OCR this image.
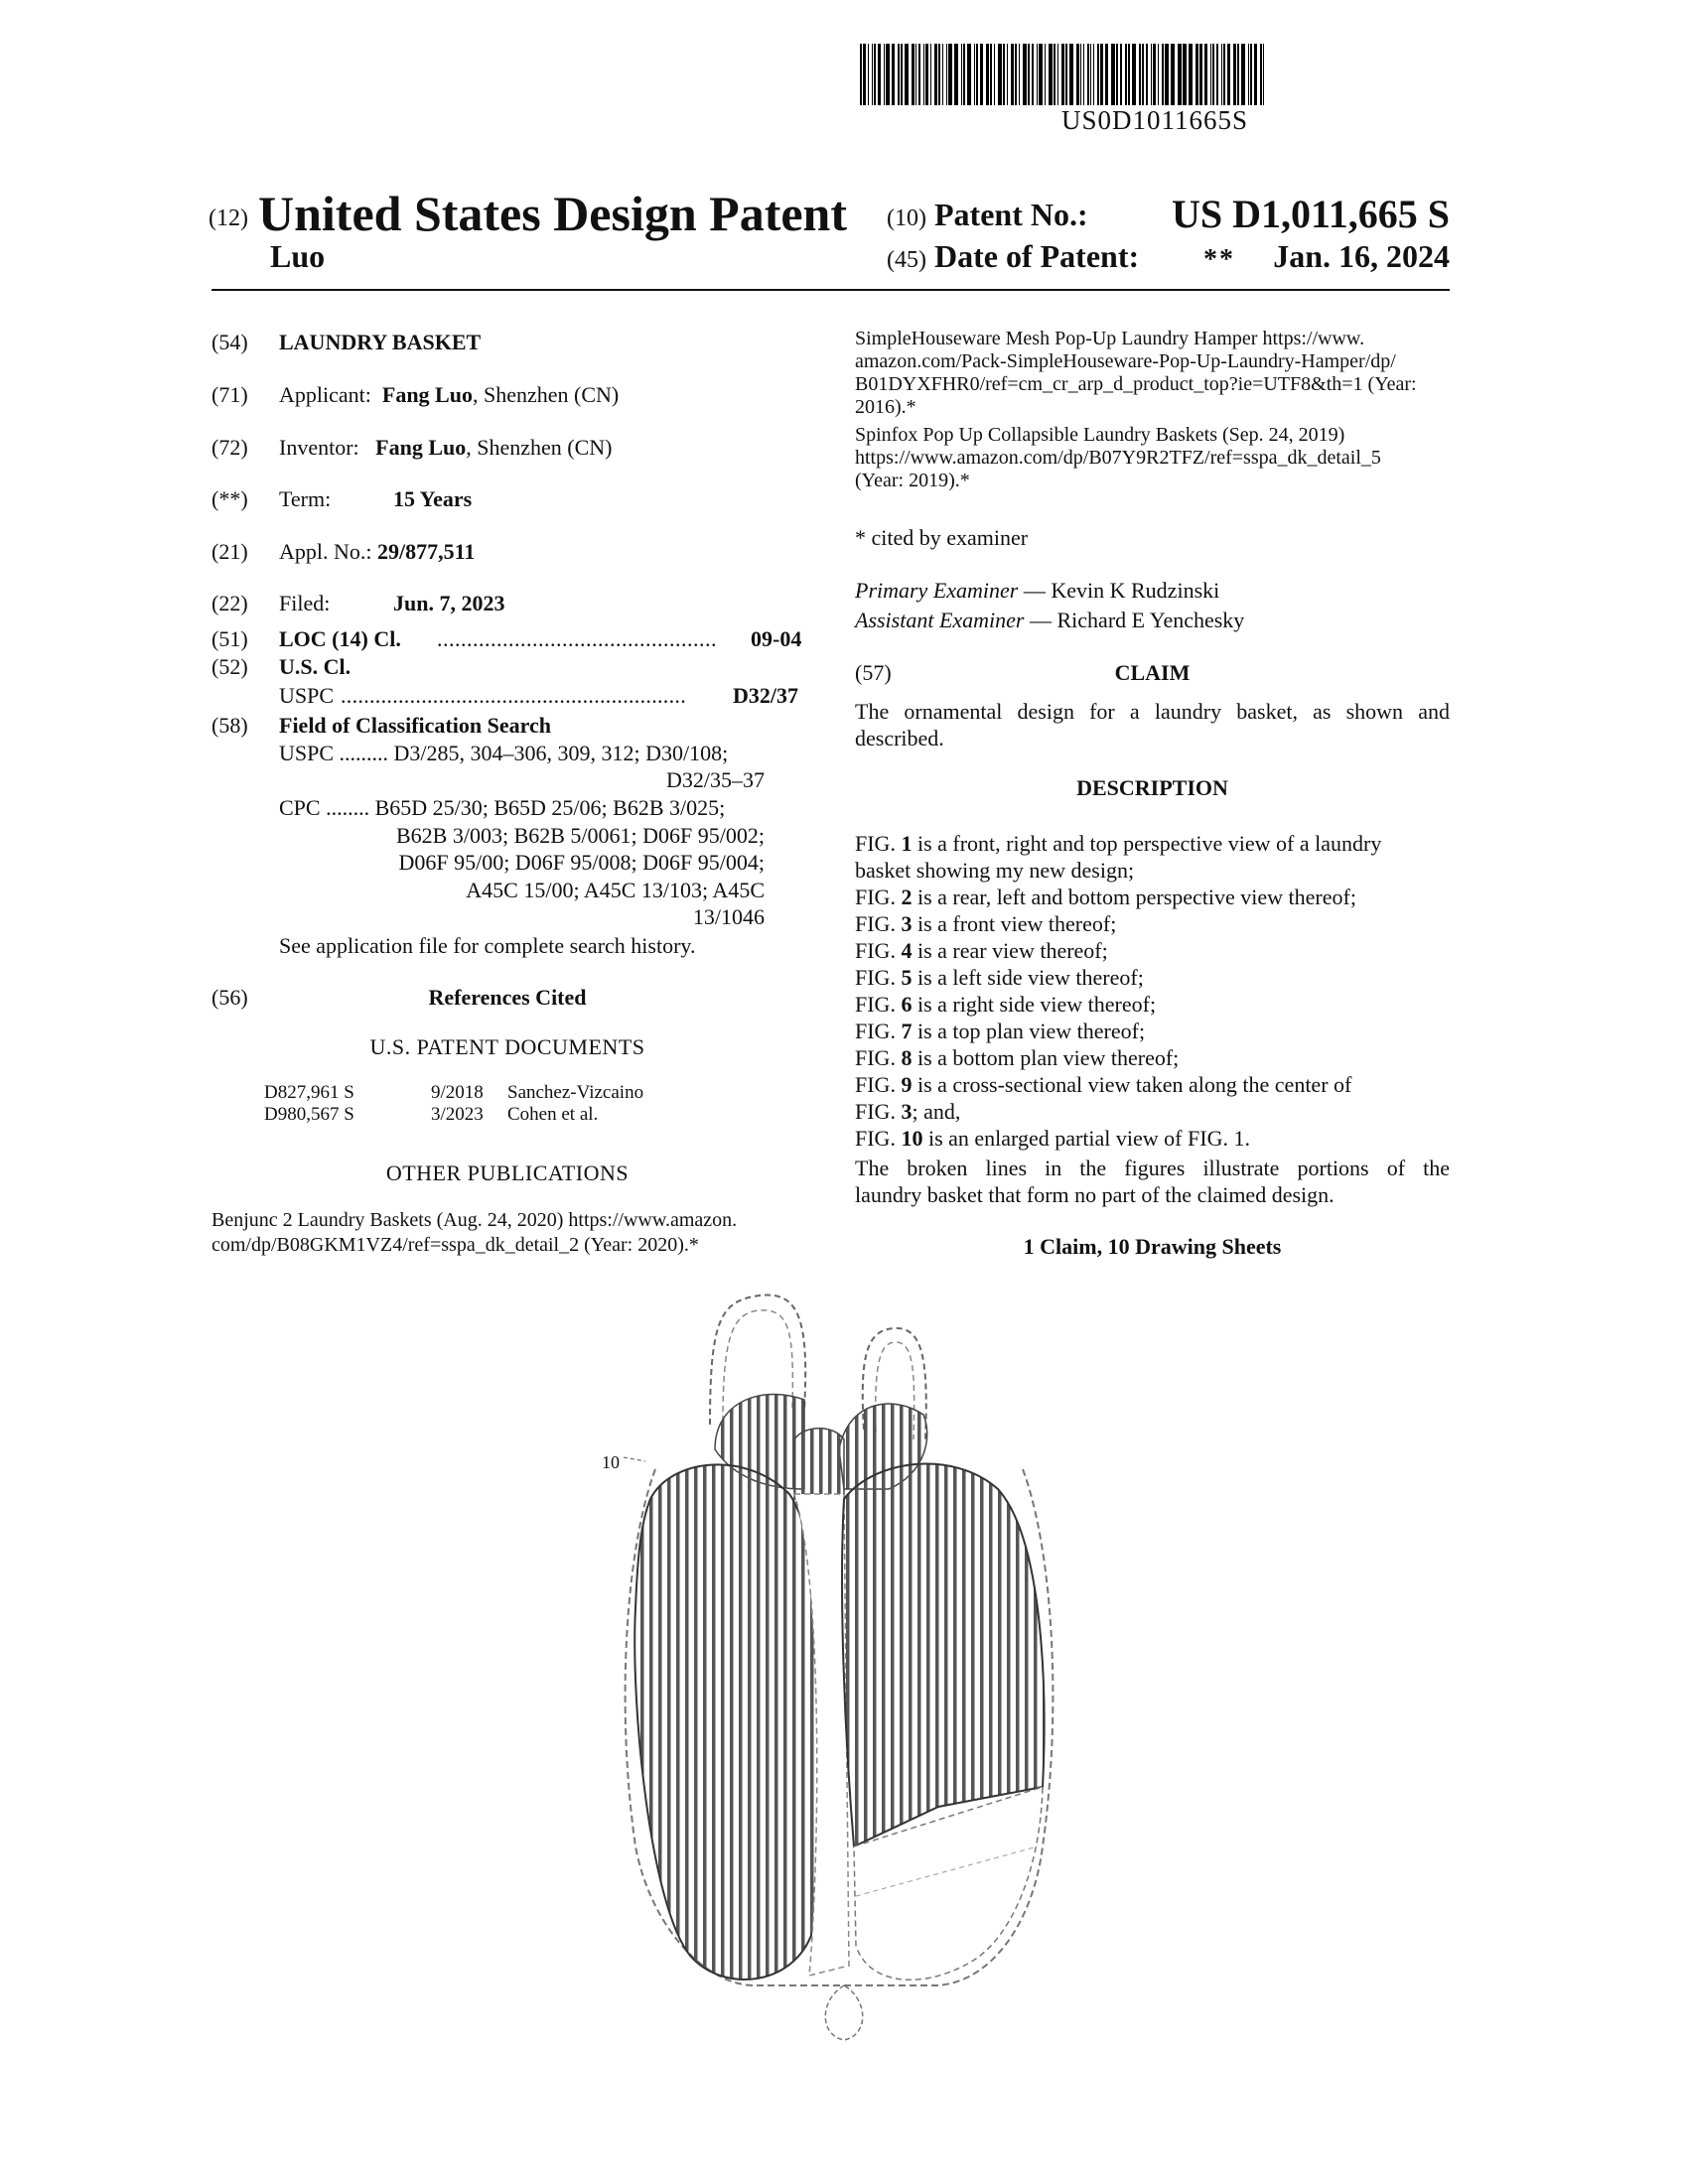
US0D1011665S
(12) United States Design Patent
Luo
(10) Patent No.: US D1,011,665 S
(45) Date of Patent: ** Jan. 16, 2024
(54) LAUNDRY BASKET
(71) Applicant: Fang Luo, Shenzhen (CN)
(72) Inventor: Fang Luo, Shenzhen (CN)
(**) Term:	15 Years
(21) Appl. No.: 29/877,511
(22) Filed:	Jun. 7, 2023
(51) LOC (14) Cl. ............................................... 09-04
(52) U.S. Cl.
USPC ............................................................ D32/37
(58) Field of Classification Search
USPC ......... D3/285, 304–306, 309, 312; D30/108;
D32/35–37
CPC ........ B65D 25/30; B65D 25/06; B62B 3/025;
B62B 3/003; B62B 5/0061; D06F 95/002;
D06F 95/00; D06F 95/008; D06F 95/004;
A45C 15/00; A45C 13/103; A45C
13/1046
See application file for complete search history.
(56)	References Cited
U.S. PATENT DOCUMENTS
D827,961 S	9/2018 Sanchez-Vizcaino
D980,567 S	3/2023 Cohen et al.
OTHER PUBLICATIONS
Benjunc 2 Laundry Baskets (Aug. 24, 2020) https://www.amazon.
com/dp/B08GKM1VZ4/ref=sspa_dk_detail_2 (Year: 2020).*
SimpleHouseware Mesh Pop-Up Laundry Hamper https://www.
amazon.com/Pack-SimpleHouseware-Pop-Up-Laundry-Hamper/dp/
B01DYXFHR0/ref=cm_cr_arp_d_product_top?ie=UTF8&th=1 (Year:
2016).*
Spinfox Pop Up Collapsible Laundry Baskets (Sep. 24, 2019)
https://www.amazon.com/dp/B07Y9R2TFZ/ref=sspa_dk_detail_5
(Year: 2019).*
* cited by examiner
Primary Examiner — Kevin K Rudzinski
Assistant Examiner — Richard E Yenchesky
(57)	CLAIM
The ornamental design for a laundry basket, as shown and described.
DESCRIPTION
FIG. 1 is a front, right and top perspective view of a laundry
basket showing my new design;
FIG. 2 is a rear, left and bottom perspective view thereof;
FIG. 3 is a front view thereof;
FIG. 4 is a rear view thereof;
FIG. 5 is a left side view thereof;
FIG. 6 is a right side view thereof;
FIG. 7 is a top plan view thereof;
FIG. 8 is a bottom plan view thereof;
FIG. 9 is a cross-sectional view taken along the center of
FIG. 3; and,
FIG. 10 is an enlarged partial view of FIG. 1.
The broken lines in the figures illustrate portions of the
laundry basket that form no part of the claimed design.
1 Claim, 10 Drawing Sheets
10
